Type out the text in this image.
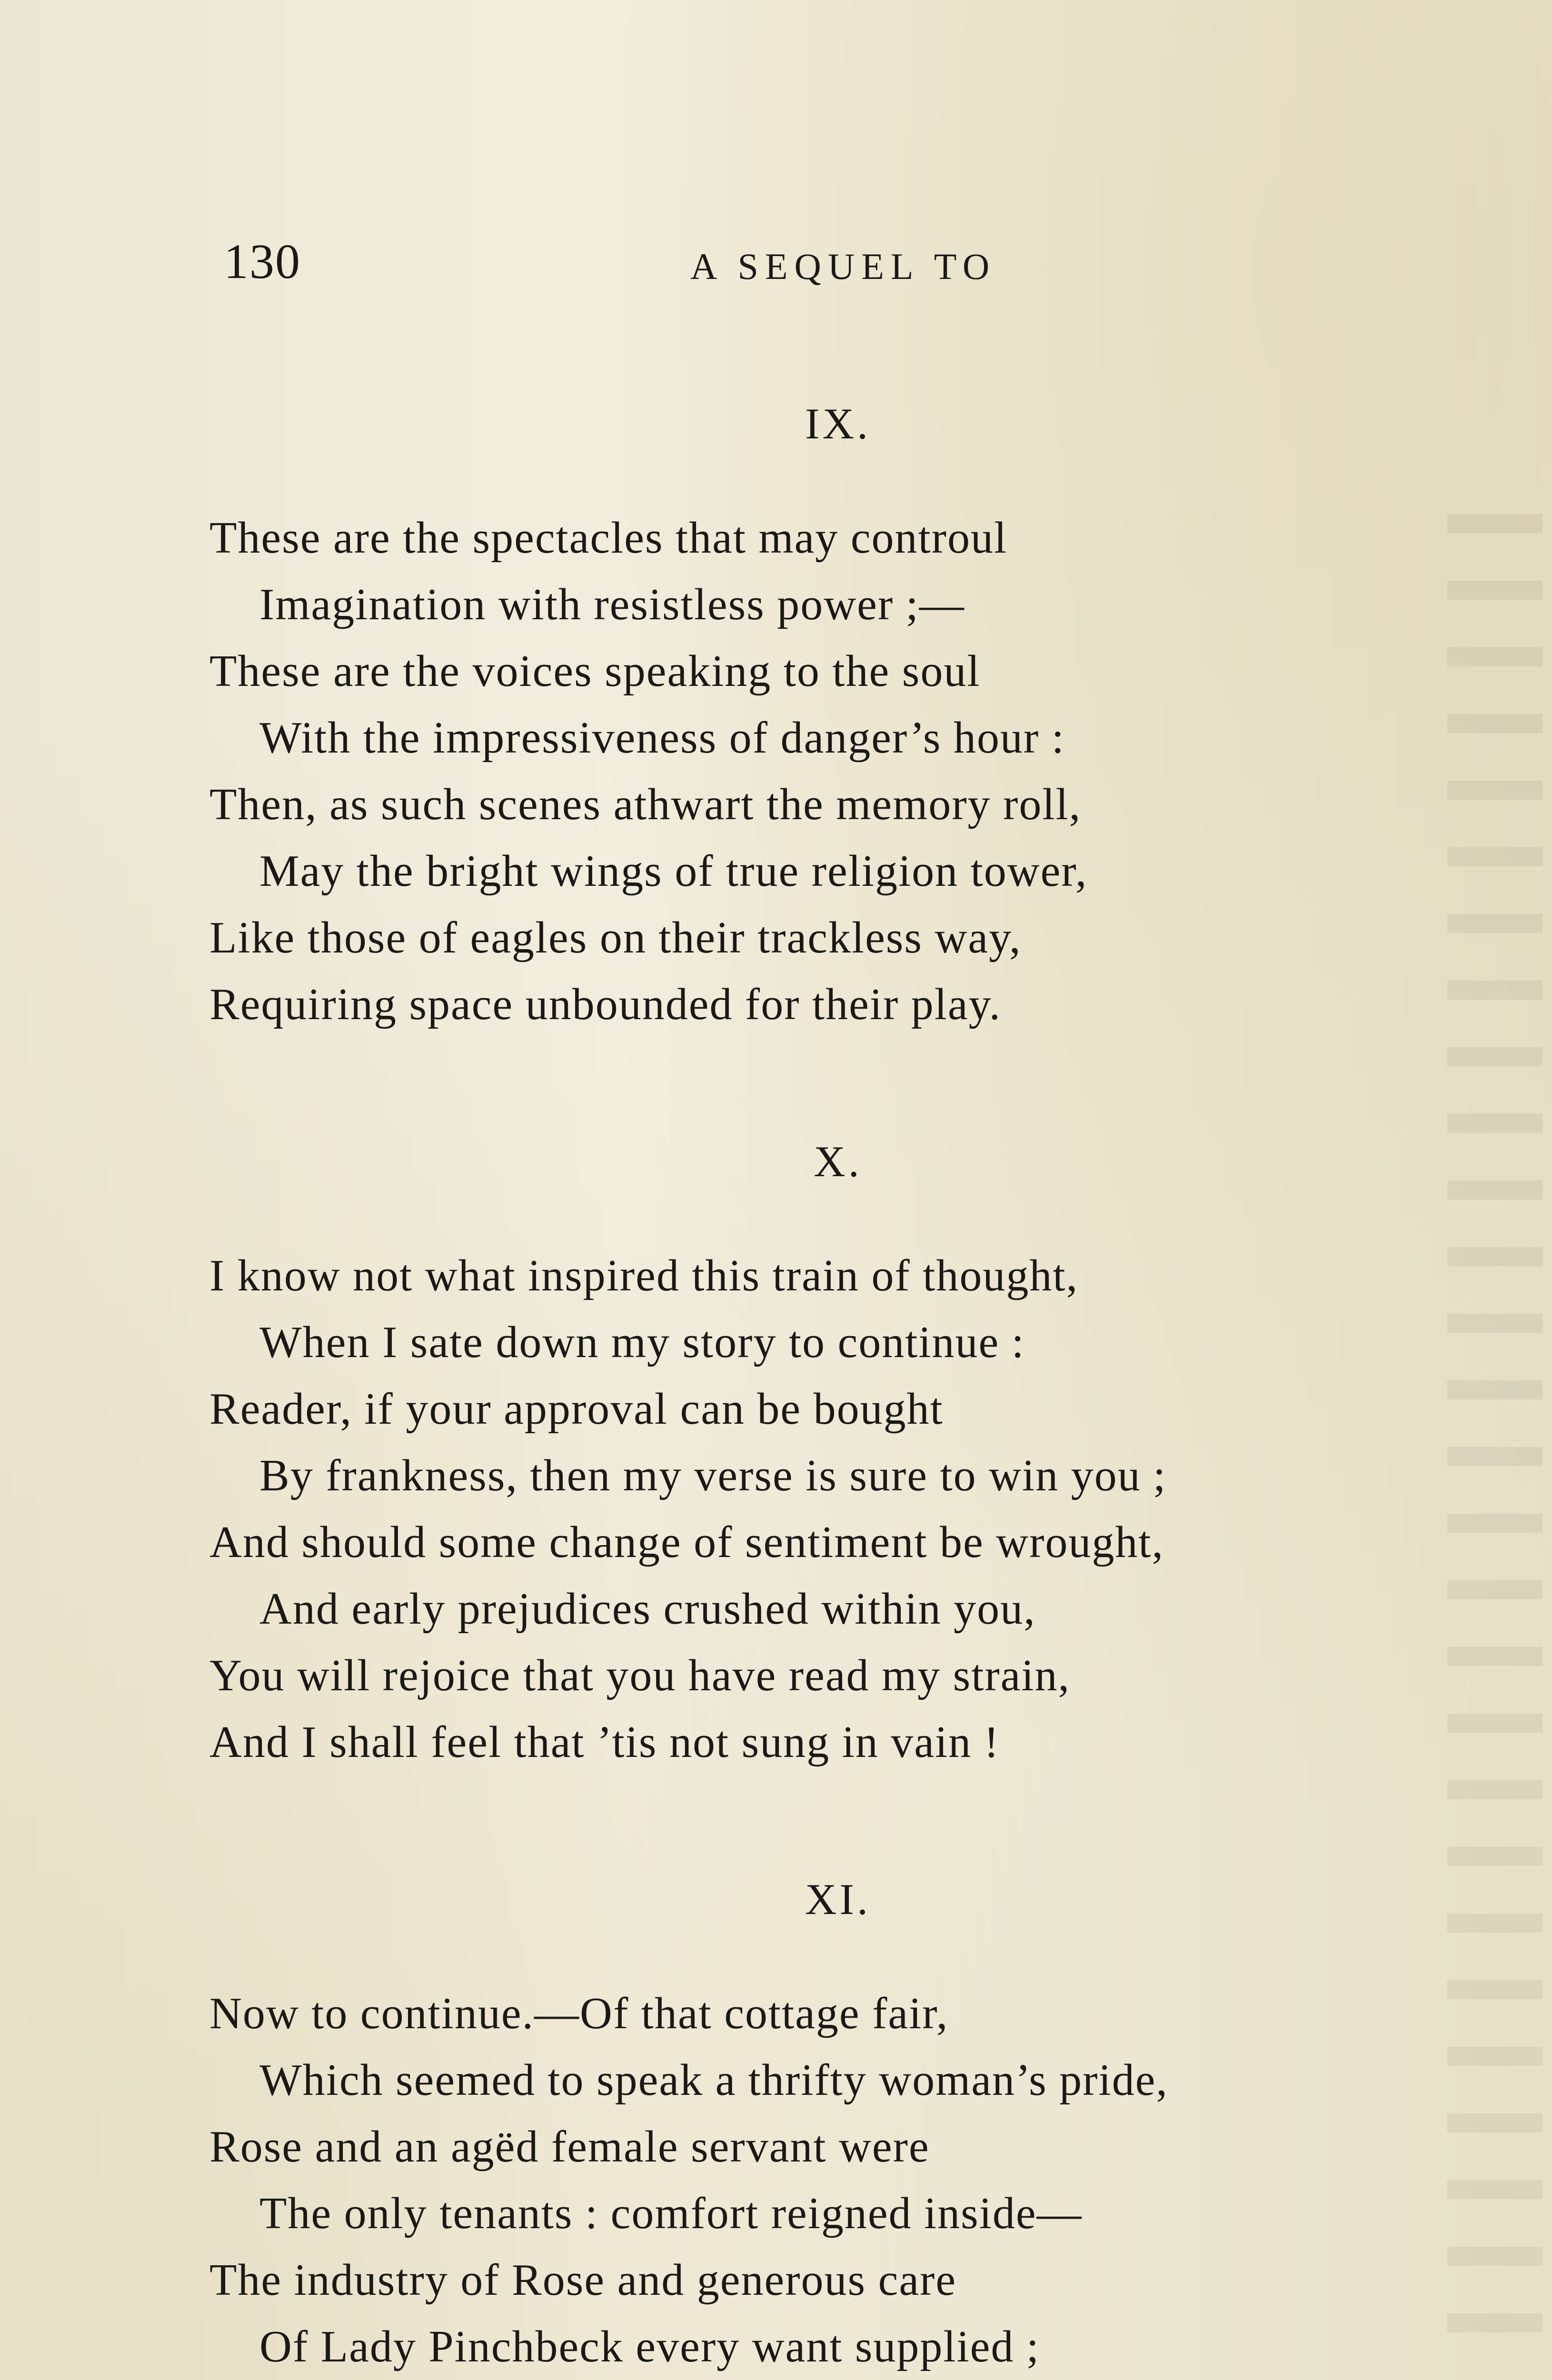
130	A SEQUEL TO
IX.
These are the spectacles that may controul
Imagination with resistless power ;—
These are the voices speaking to the soul
With the impressiveness of danger’s hour :
Then, as such scenes athwart the memory roll,
May the bright wings of true religion tower,
Like those of eagles on their trackless way,
Requiring space unbounded for their play.
X.
I know not what inspired this train of thought,
When I sate down my story to continue :
Reader, if your approval can be bought
By frankness, then my verse is sure to win you ;
And should some change of sentiment be wrought,
And early prejudices crushed within you,
You will rejoice that you have read my strain,
And I shall feel that ’tis not sung in vain !
XI.
Now to continue.—Of that cottage fair,
Which seemed to speak a thrifty woman’s pride,
Rose and an agëd female servant were
The only tenants : comfort reigned inside—
The industry of Rose and generous care
Of Lady Pinchbeck every want supplied ;
